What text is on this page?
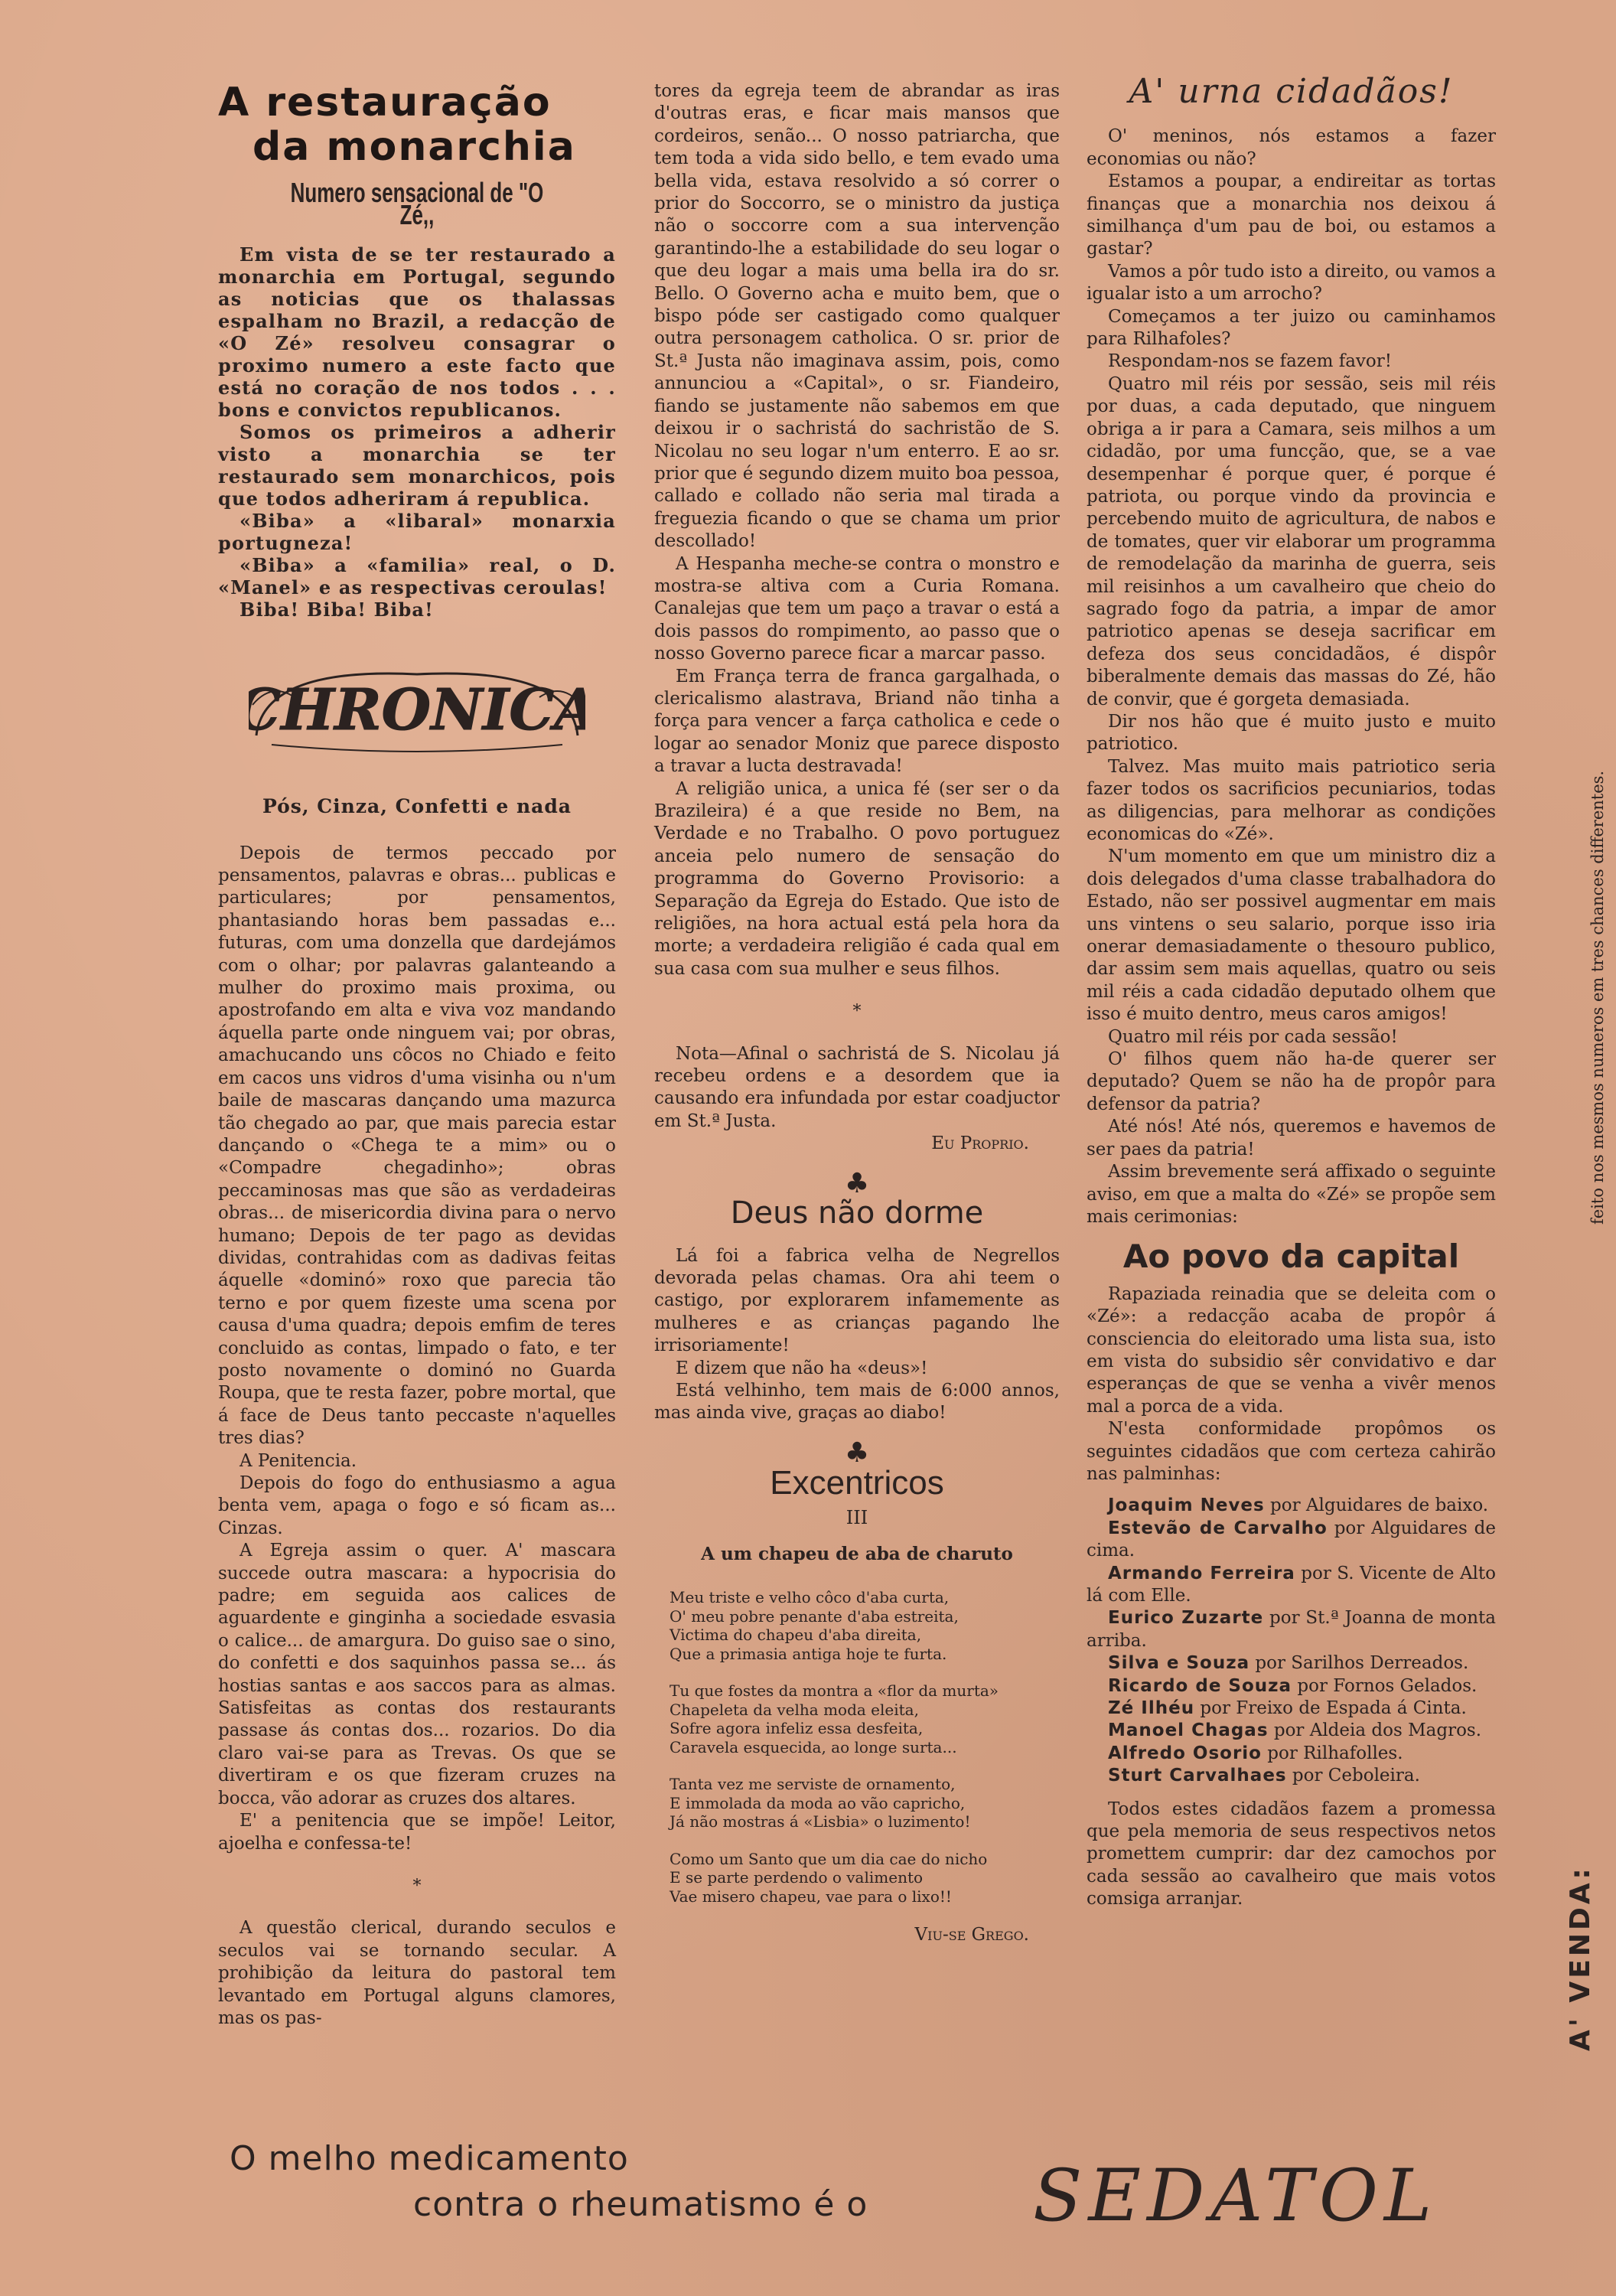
A restauração
da monarchia
Numero sensacional de "O Zé,,

Em vista de se ter restaurado a monarchia em Portugal, segundo as noticias que os thalassas espalham no Brazil, a redacção de «O Zé» resolveu consagrar o proximo numero a este facto que está no coração de nos todos . . . bons e convictos republicanos.

Somos os primeiros a adherir visto a monarchia se ter restaurado sem monarchicos, pois que todos adheriram á republica.

«Biba» a «libaral» monarxia portugneza!

«Biba» a «familia» real, o D. «Manel» e as respectivas ceroulas!

Biba! Biba! Biba!

CHRONICA
Pós, Cinza, Confetti e nada

Depois de termos peccado por pensamentos, palavras e obras... publicas e particulares; por pensamentos, phantasiando horas bem passadas e... futuras, com uma donzella que dardejámos com o olhar; por palavras galanteando a mulher do proximo mais proxima, ou apostrofando em alta e viva voz mandando áquella parte onde ninguem vai; por obras, amachucando uns côcos no Chiado e feito em cacos uns vidros d'uma visinha ou n'um baile de mascaras dançando uma mazurca tão chegado ao par, que mais parecia estar dançando o «Chega te a mim» ou o «Compadre chegadinho»; obras peccaminosas mas que são as verdadeiras obras... de misericordia divina para o nervo humano; Depois de ter pago as devidas dividas, contrahidas com as dadivas feitas áquelle «dominó» roxo que parecia tão terno e por quem fizeste uma scena por causa d'uma quadra; depois emfim de teres concluido as contas, limpado o fato, e ter posto novamente o dominó no Guarda Roupa, que te resta fazer, pobre mortal, que á face de Deus tanto peccaste n'aquelles tres dias?

A Penitencia.

Depois do fogo do enthusiasmo a agua benta vem, apaga o fogo e só ficam as... Cinzas.

A Egreja assim o quer. A' mascara succede outra mascara: a hypocrisia do padre; em seguida aos calices de aguardente e ginginha a sociedade esvasia o calice... de amargura. Do guiso sae o sino, do confetti e dos saquinhos passa se... ás hostias santas e aos saccos para as almas. Satisfeitas as contas dos restaurants passase ás contas dos... rozarios. Do dia claro vai-se para as Trevas. Os que se divertiram e os que fizeram cruzes na bocca, vão adorar as cruzes dos altares.

E' a penitencia que se impõe! Leitor, ajoelha e confessa-te!

*

A questão clerical, durando seculos e seculos vai se tornando secular. A prohibição da leitura do pastoral tem levantado em Portugal alguns clamores, mas os pas-

tores da egreja teem de abrandar as iras d'outras eras, e ficar mais mansos que cordeiros, senão... O nosso patriarcha, que tem toda a vida sido bello, e tem evado uma bella vida, estava resolvido a só correr o prior do Soccorro, se o ministro da justiça não o soccorre com a sua intervenção garantindo-lhe a estabilidade do seu logar o que deu logar a mais uma bella ira do sr. Bello. O Governo acha e muito bem, que o bispo póde ser castigado como qualquer outra personagem catholica. O sr. prior de St.ª Justa não imaginava assim, pois, como annunciou a «Capital», o sr. Fiandeiro, fiando se justamente não sabemos em que deixou ir o sachristá do sachristão de S. Nicolau no seu logar n'um enterro. E ao sr. prior que é segundo dizem muito boa pessoa, callado e collado não seria mal tirada a freguezia ficando o que se chama um prior descollado!

A Hespanha meche-se contra o monstro e mostra-se altiva com a Curia Romana. Canalejas que tem um paço a travar o está a dois passos do rompimento, ao passo que o nosso Governo parece ficar a marcar passo.

Em França terra de franca gargalhada, o clericalismo alastrava, Briand não tinha a força para vencer a farça catholica e cede o logar ao senador Moniz que parece disposto a travar a lucta destravada!

A religião unica, a unica fé (ser ser o da Brazileira) é a que reside no Bem, na Verdade e no Trabalho. O povo portuguez anceia pelo numero de sensação do programma do Governo Provisorio: a Separação da Egreja do Estado. Que isto de religiões, na hora actual está pela hora da morte; a verdadeira religião é cada qual em sua casa com sua mulher e seus filhos.

*

Nota—Afinal o sachristá de S. Nicolau já recebeu ordens e a desordem que ia causando era infundada por estar coadjuctor em St.ª Justa.

Eu Proprio.
♣
Deus não dorme

Lá foi a fabrica velha de Negrellos devorada pelas chamas. Ora ahi teem o castigo, por explorarem infamemente as mulheres e as crianças pagando lhe irrisoriamente!

E dizem que não ha «deus»!

Está velhinho, tem mais de 6:000 annos, mas ainda vive, graças ao diabo!

♣
Excentricos
III
A um chapeu de aba de charuto
Meu triste e velho côco d'aba curta,
O' meu pobre penante d'aba estreita,
Victima do chapeu d'aba direita,
Que a primasia antiga hoje te furta.
Tu que fostes da montra a «flor da murta»
Chapeleta da velha moda eleita,
Sofre agora infeliz essa desfeita,
Caravela esquecida, ao longe surta...
Tanta vez me serviste de ornamento,
E immolada da moda ao vão capricho,
Já não mostras á «Lisbia» o luzimento!
Como um Santo que um dia cae do nicho
E se parte perdendo o valimento
Vae misero chapeu, vae para o lixo!!
Viu-se Grego.
A' urna cidadãos!

O' meninos, nós estamos a fazer economias ou não?

Estamos a poupar, a endireitar as tortas finanças que a monarchia nos deixou á similhança d'um pau de boi, ou estamos a gastar?

Vamos a pôr tudo isto a direito, ou vamos a igualar isto a um arrocho?

Começamos a ter juizo ou caminhamos para Rilhafoles?

Respondam-nos se fazem favor!

Quatro mil réis por sessão, seis mil réis por duas, a cada deputado, que ninguem obriga a ir para a Camara, seis milhos a um cidadão, por uma funcção, que, se a vae desempenhar é porque quer, é porque é patriota, ou porque vindo da provincia e percebendo muito de agricultura, de nabos e de tomates, quer vir elaborar um programma de remodelação da marinha de guerra, seis mil reisinhos a um cavalheiro que cheio do sagrado fogo da patria, a impar de amor patriotico apenas se deseja sacrificar em defeza dos seus concidadãos, é dispôr biberalmente demais das massas do Zé, hão de convir, que é gorgeta demasiada.

Dir nos hão que é muito justo e muito patriotico.

Talvez. Mas muito mais patriotico seria fazer todos os sacrificios pecuniarios, todas as diligencias, para melhorar as condições economicas do «Zé».

N'um momento em que um ministro diz a dois delegados d'uma classe trabalhadora do Estado, não ser possivel augmentar em mais uns vintens o seu salario, porque isso iria onerar demasiadamente o thesouro publico, dar assim sem mais aquellas, quatro ou seis mil réis a cada cidadão deputado olhem que isso é muito dentro, meus caros amigos!

Quatro mil réis por cada sessão!

O' filhos quem não ha-de querer ser deputado? Quem se não ha de propôr para defensor da patria?

Até nós! Até nós, queremos e havemos de ser paes da patria!

Assim brevemente será affixado o seguinte aviso, em que a malta do «Zé» se propõe sem mais cerimonias:

Ao povo da capital

Rapaziada reinadia que se deleita com o «Zé»: a redacção acaba de propôr á consciencia do eleitorado uma lista sua, isto em vista do subsidio sêr convidativo e dar esperanças de que se venha a vivêr menos mal a porca de a vida.

N'esta conformidade propômos os seguintes cidadãos que com certeza cahirão nas palminhas:

Joaquim Neves por Alguidares de baixo.

Estevão de Carvalho por Alguidares de cima.

Armando Ferreira por S. Vicente de Alto lá com Elle.

Eurico Zuzarte por St.ª Joanna de monta arriba.

Silva e Souza por Sarilhos Derreados.

Ricardo de Souza por Fornos Gelados.

Zé Ilhéu por Freixo de Espada á Cinta.

Manoel Chagas por Aldeia dos Magros.

Alfredo Osorio por Rilhafolles.

Sturt Carvalhaes por Ceboleira.

Todos estes cidadãos fazem a promessa que pela memoria de seus respectivos netos promettem cumprir: dar dez camochos por cada sessão ao cavalheiro que mais votos comsiga arranjar.

O melho medicamento
contra o rheumatismo é o SEDATOL
feito nos mesmos numeros em tres chances differentes.
A' VENDA:
